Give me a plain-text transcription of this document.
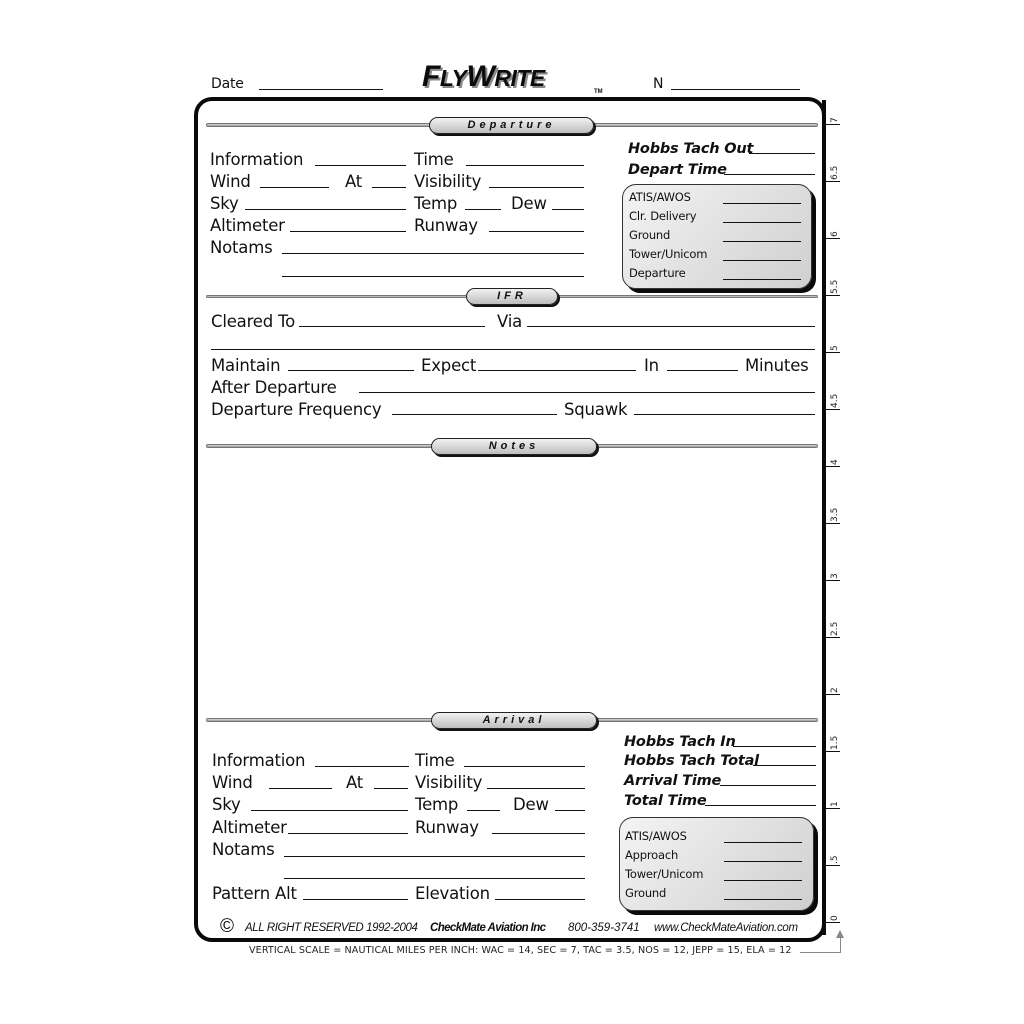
Date	FLYWRITE
TM	N
7
6.5
6
5.5
5
4.5
4
3.5
3
2.5
2
1.5
1
.5
0
Departure
Information	Time
Wind	At	Visibility
Sky	Temp	Dew
Altimeter	Runway
Notams
Hobbs Tach Out
Depart Time
ATIS/AWOS
Clr. Delivery
Ground
Tower/Unicom
Departure
IFR
Cleared To	Via
Maintain	Expect	In	Minutes
After Departure
Departure Frequency	Squawk
Notes
Arrival
Information	Time
Wind	At	Visibility
Sky	Temp	Dew
Altimeter	Runway
Notams
Pattern Alt	Elevation
Hobbs Tach In
Hobbs Tach Total
Arrival Time
Total Time
ATIS/AWOS
Approach
Tower/Unicom
Ground
© ALL RIGHT RESERVED 1992-2004 CheckMate Aviation Inc 800-359-3741 www.CheckMateAviation.com
VERTICAL SCALE = NAUTICAL MILES PER INCH: WAC = 14, SEC = 7, TAC = 3.5, NOS = 12, JEPP = 15, ELA = 12
